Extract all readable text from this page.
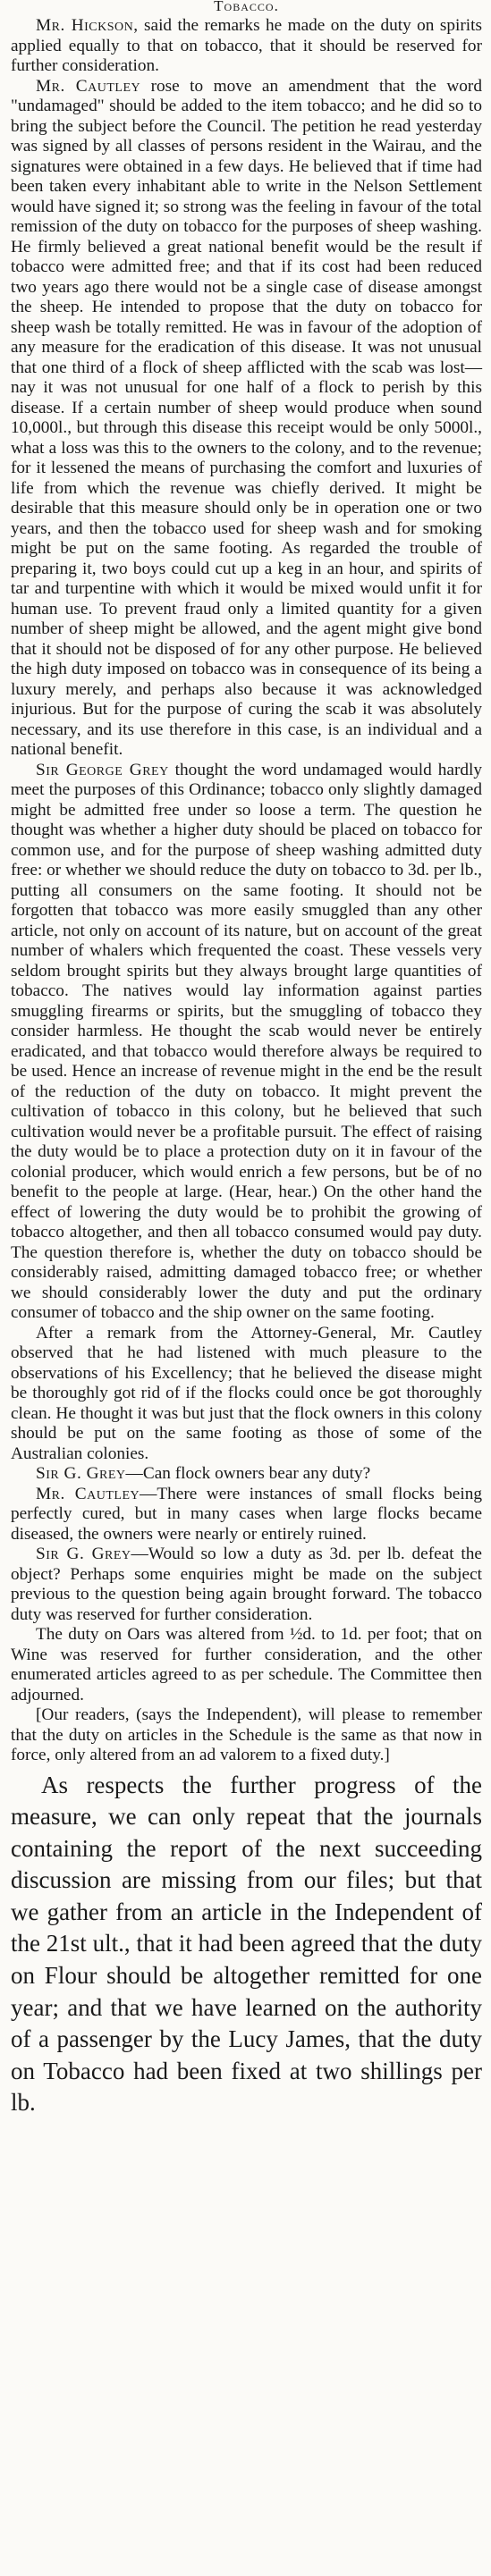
Tobacco.

Mr. Hickson, said the remarks he made on the duty on spirits applied equally to that on tobacco, that it should be reserved for further consideration.

Mr. Cautley rose to move an amendment that the word "undamaged" should be added to the item tobacco; and he did so to bring the subject before the Council. The petition he read yesterday was signed by all classes of persons resident in the Wairau, and the signatures were obtained in a few days. He believed that if time had been taken every inhabitant able to write in the Nelson Settlement would have signed it; so strong was the feeling in favour of the total remission of the duty on tobacco for the purposes of sheep washing. He firmly believed a great national benefit would be the result if tobacco were admitted free; and that if its cost had been reduced two years ago there would not be a single case of disease amongst the sheep. He intended to propose that the duty on tobacco for sheep wash be totally remitted. He was in favour of the adoption of any measure for the eradication of this disease. It was not unusual that one third of a flock of sheep afflicted with the scab was lost—nay it was not unusual for one half of a flock to perish by this disease. If a certain number of sheep would produce when sound 10,000l., but through this disease this receipt would be only 5000l., what a loss was this to the owners to the colony, and to the revenue; for it lessened the means of purchasing the comfort and luxuries of life from which the revenue was chiefly derived. It might be desirable that this measure should only be in operation one or two years, and then the tobacco used for sheep wash and for smoking might be put on the same footing. As regarded the trouble of preparing it, two boys could cut up a keg in an hour, and spirits of tar and turpentine with which it would be mixed would unfit it for human use. To prevent fraud only a limited quantity for a given number of sheep might be allowed, and the agent might give bond that it should not be disposed of for any other purpose. He believed the high duty imposed on tobacco was in consequence of its being a luxury merely, and perhaps also because it was acknowledged injurious. But for the purpose of curing the scab it was absolutely necessary, and its use therefore in this case, is an individual and a national benefit.

Sir George Grey thought the word undamaged would hardly meet the purposes of this Ordinance; tobacco only slightly damaged might be admitted free under so loose a term. The question he thought was whether a higher duty should be placed on tobacco for common use, and for the purpose of sheep washing admitted duty free: or whether we should reduce the duty on tobacco to 3d. per lb., putting all consumers on the same footing. It should not be forgotten that tobacco was more easily smuggled than any other article, not only on account of its nature, but on account of the great number of whalers which frequented the coast. These vessels very seldom brought spirits but they always brought large quantities of tobacco. The natives would lay information against parties smuggling firearms or spirits, but the smuggling of tobacco they consider harmless. He thought the scab would never be entirely eradicated, and that tobacco would therefore always be required to be used. Hence an increase of revenue might in the end be the result of the reduction of the duty on tobacco. It might prevent the cultivation of tobacco in this colony, but he believed that such cultivation would never be a profitable pursuit. The effect of raising the duty would be to place a protection duty on it in favour of the colonial producer, which would enrich a few persons, but be of no benefit to the people at large. (Hear, hear.) On the other hand the effect of lowering the duty would be to prohibit the growing of tobacco altogether, and then all tobacco consumed would pay duty. The question therefore is, whether the duty on tobacco should be considerably raised, admitting damaged tobacco free; or whether we should considerably lower the duty and put the ordinary consumer of tobacco and the ship owner on the same footing.

After a remark from the Attorney-General, Mr. Cautley observed that he had listened with much pleasure to the observations of his Excellency; that he believed the disease might be thoroughly got rid of if the flocks could once be got thoroughly clean. He thought it was but just that the flock owners in this colony should be put on the same footing as those of some of the Australian colonies.

Sir G. Grey—Can flock owners bear any duty?

Mr. Cautley—There were instances of small flocks being perfectly cured, but in many cases when large flocks became diseased, the owners were nearly or entirely ruined.

Sir G. Grey—Would so low a duty as 3d. per lb. defeat the object? Perhaps some enquiries might be made on the subject previous to the question being again brought forward. The tobacco duty was reserved for further consideration.

The duty on Oars was altered from ½d. to 1d. per foot; that on Wine was reserved for further consideration, and the other enumerated articles agreed to as per schedule. The Committee then adjourned.

[Our readers, (says the Independent), will please to remember that the duty on articles in the Schedule is the same as that now in force, only altered from an ad valorem to a fixed duty.]

As respects the further progress of the measure, we can only repeat that the journals containing the report of the next succeeding discussion are missing from our files; but that we gather from an article in the Independent of the 21st ult., that it had been agreed that the duty on Flour should be altogether remitted for one year; and that we have learned on the authority of a passenger by the Lucy James, that the duty on Tobacco had been fixed at two shillings per lb.
